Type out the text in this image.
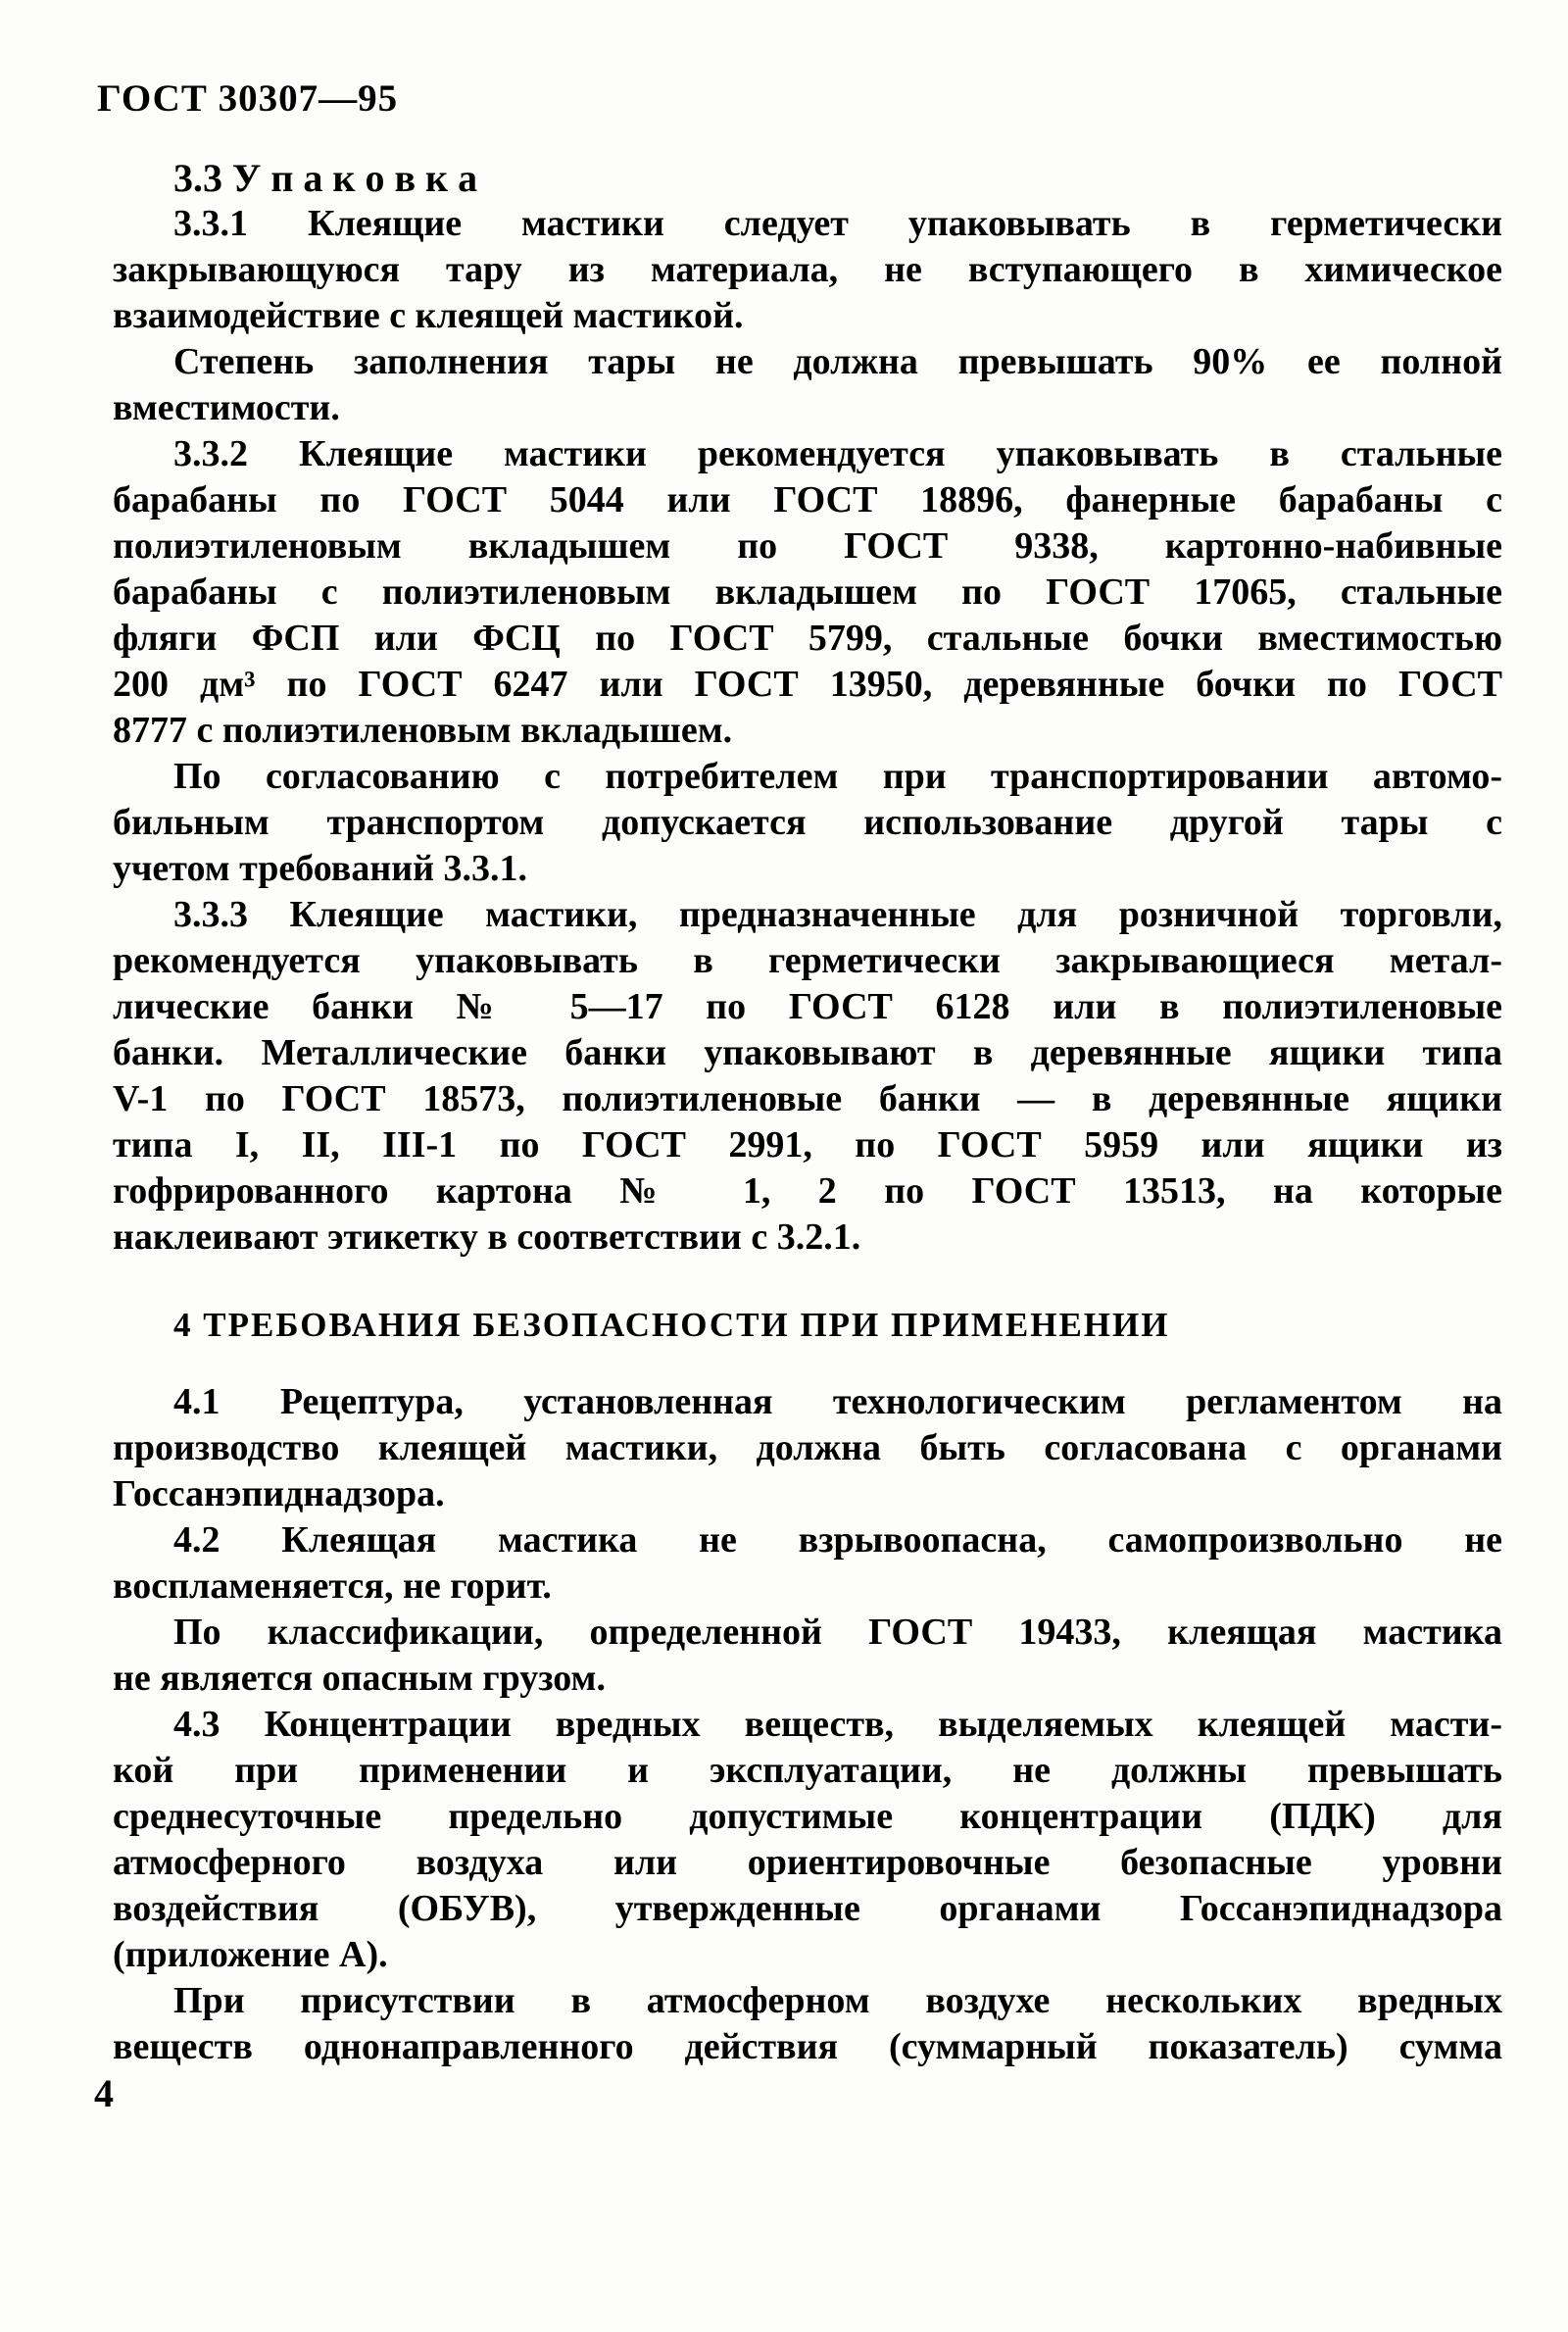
ГОСТ 30307—95
3.3 У п а к о в к а
3.3.1 Клеящие мастики следует упаковывать в герметически
закрывающуюся тару из материала, не вступающего в химическое
взаимодействие с клеящей мастикой.
Степень заполнения тары не должна превышать 90% ее полной
вместимости.
3.3.2 Клеящие мастики рекомендуется упаковывать в стальные
барабаны по ГОСТ 5044 или ГОСТ 18896, фанерные барабаны с
полиэтиленовым вкладышем по ГОСТ 9338, картонно-набивные
барабаны с полиэтиленовым вкладышем по ГОСТ 17065, стальные
фляги ФСП или ФСЦ по ГОСТ 5799, стальные бочки вместимостью
200 дм³ по ГОСТ 6247 или ГОСТ 13950, деревянные бочки по ГОСТ
8777 с полиэтиленовым вкладышем.
По согласованию с потребителем при транспортировании автомо-
бильным транспортом допускается использование другой тары с
учетом требований 3.3.1.
3.3.3 Клеящие мастики, предназначенные для розничной торговли,
рекомендуется упаковывать в герметически закрывающиеся метал-
лические банки № 5—17 по ГОСТ 6128 или в полиэтиленовые
банки. Металлические банки упаковывают в деревянные ящики типа
V-1 по ГОСТ 18573, полиэтиленовые банки — в деревянные ящики
типа I, II, III-1 по ГОСТ 2991, по ГОСТ 5959 или ящики из
гофрированного картона № 1, 2 по ГОСТ 13513, на которые
наклеивают этикетку в соответствии с 3.2.1.
4 ТРЕБОВАНИЯ БЕЗОПАСНОСТИ ПРИ ПРИМЕНЕНИИ
4.1 Рецептура, установленная технологическим регламентом на
производство клеящей мастики, должна быть согласована с органами
Госсанэпиднадзора.
4.2 Клеящая мастика не взрывоопасна, самопроизвольно не
воспламеняется, не горит.
По классификации, определенной ГОСТ 19433, клеящая мастика
не является опасным грузом.
4.3 Концентрации вредных веществ, выделяемых клеящей масти-
кой при применении и эксплуатации, не должны превышать
среднесуточные предельно допустимые концентрации (ПДК) для
атмосферного воздуха или ориентировочные безопасные уровни
воздействия (ОБУВ), утвержденные органами Госсанэпиднадзора
(приложение А).
При присутствии в атмосферном воздухе нескольких вредных
веществ однонаправленного действия (суммарный показатель) сумма
4
